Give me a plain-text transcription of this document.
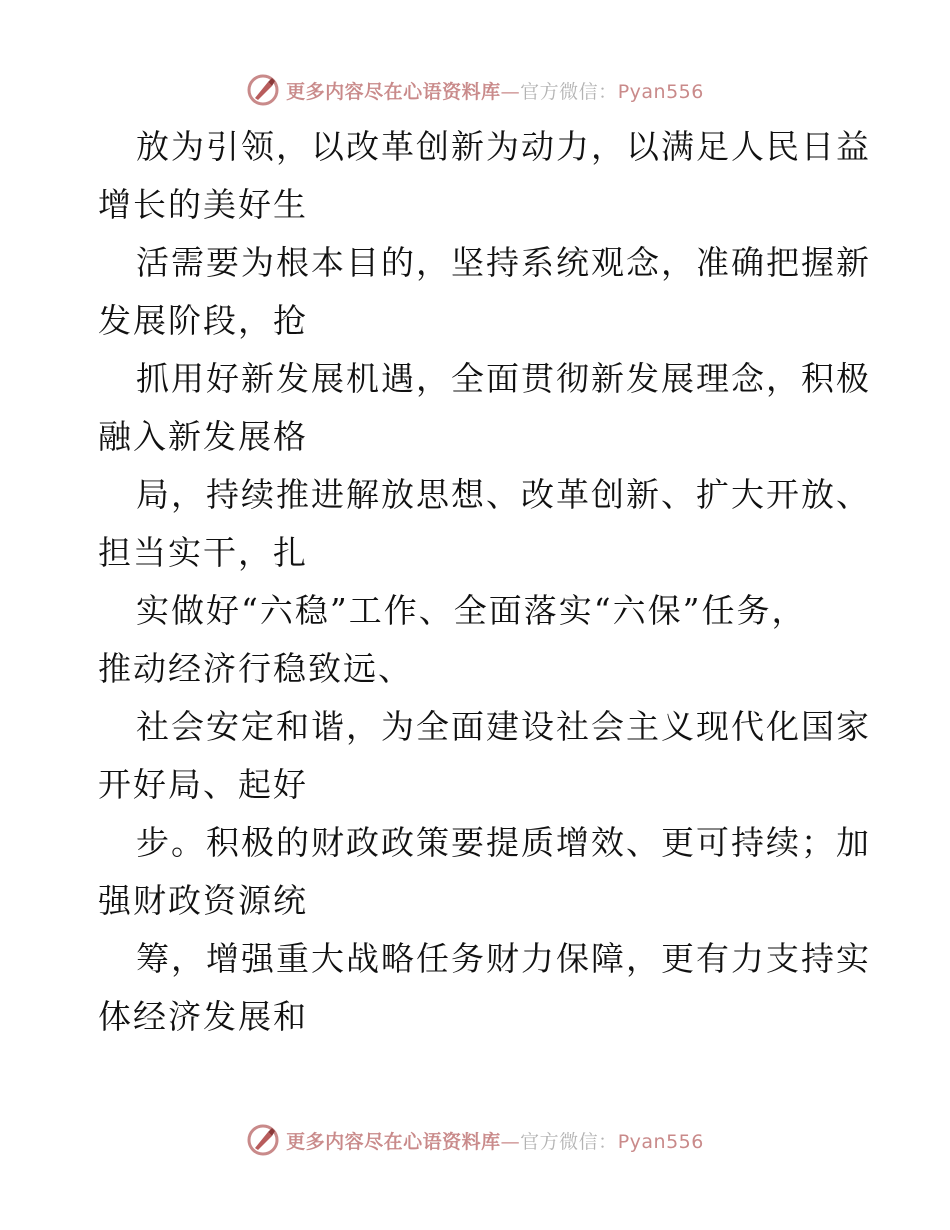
更多内容尽在心语资料库—官方微信：Pyan556
放为引领，以改革创新为动力，以满足人民日益
增长的美好生
活需要为根本目的，坚持系统观念，准确把握新
发展阶段，抢
抓用好新发展机遇，全面贯彻新发展理念，积极
融入新发展格
局，持续推进解放思想、改革创新、扩大开放、
担当实干，扎
实做好“六稳”工作、全面落实“六保”任务，
推动经济行稳致远、
社会安定和谐，为全面建设社会主义现代化国家
开好局、起好
步。积极的财政政策要提质增效、更可持续；加
强财政资源统
筹，增强重大战略任务财力保障，更有力支持实
体经济发展和
更多内容尽在心语资料库—官方微信：Pyan556
